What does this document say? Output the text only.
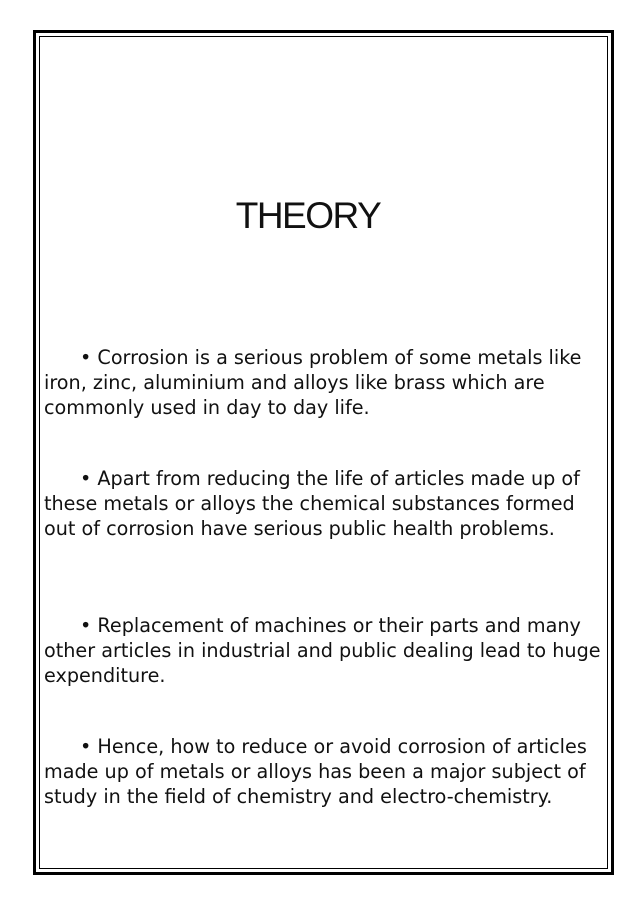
THEORY

• Corrosion is a serious problem of some metals like iron, zinc, aluminium and alloys like brass which are commonly used in day to day life.

• Apart from reducing the life of articles made up of these metals or alloys the chemical substances formed out of corrosion have serious public health problems.

• Replacement of machines or their parts and many other articles in industrial and public dealing lead to huge expenditure.

• Hence, how to reduce or avoid corrosion of articles made up of metals or alloys has been a major subject of study in the field of chemistry and electro-chemistry.
